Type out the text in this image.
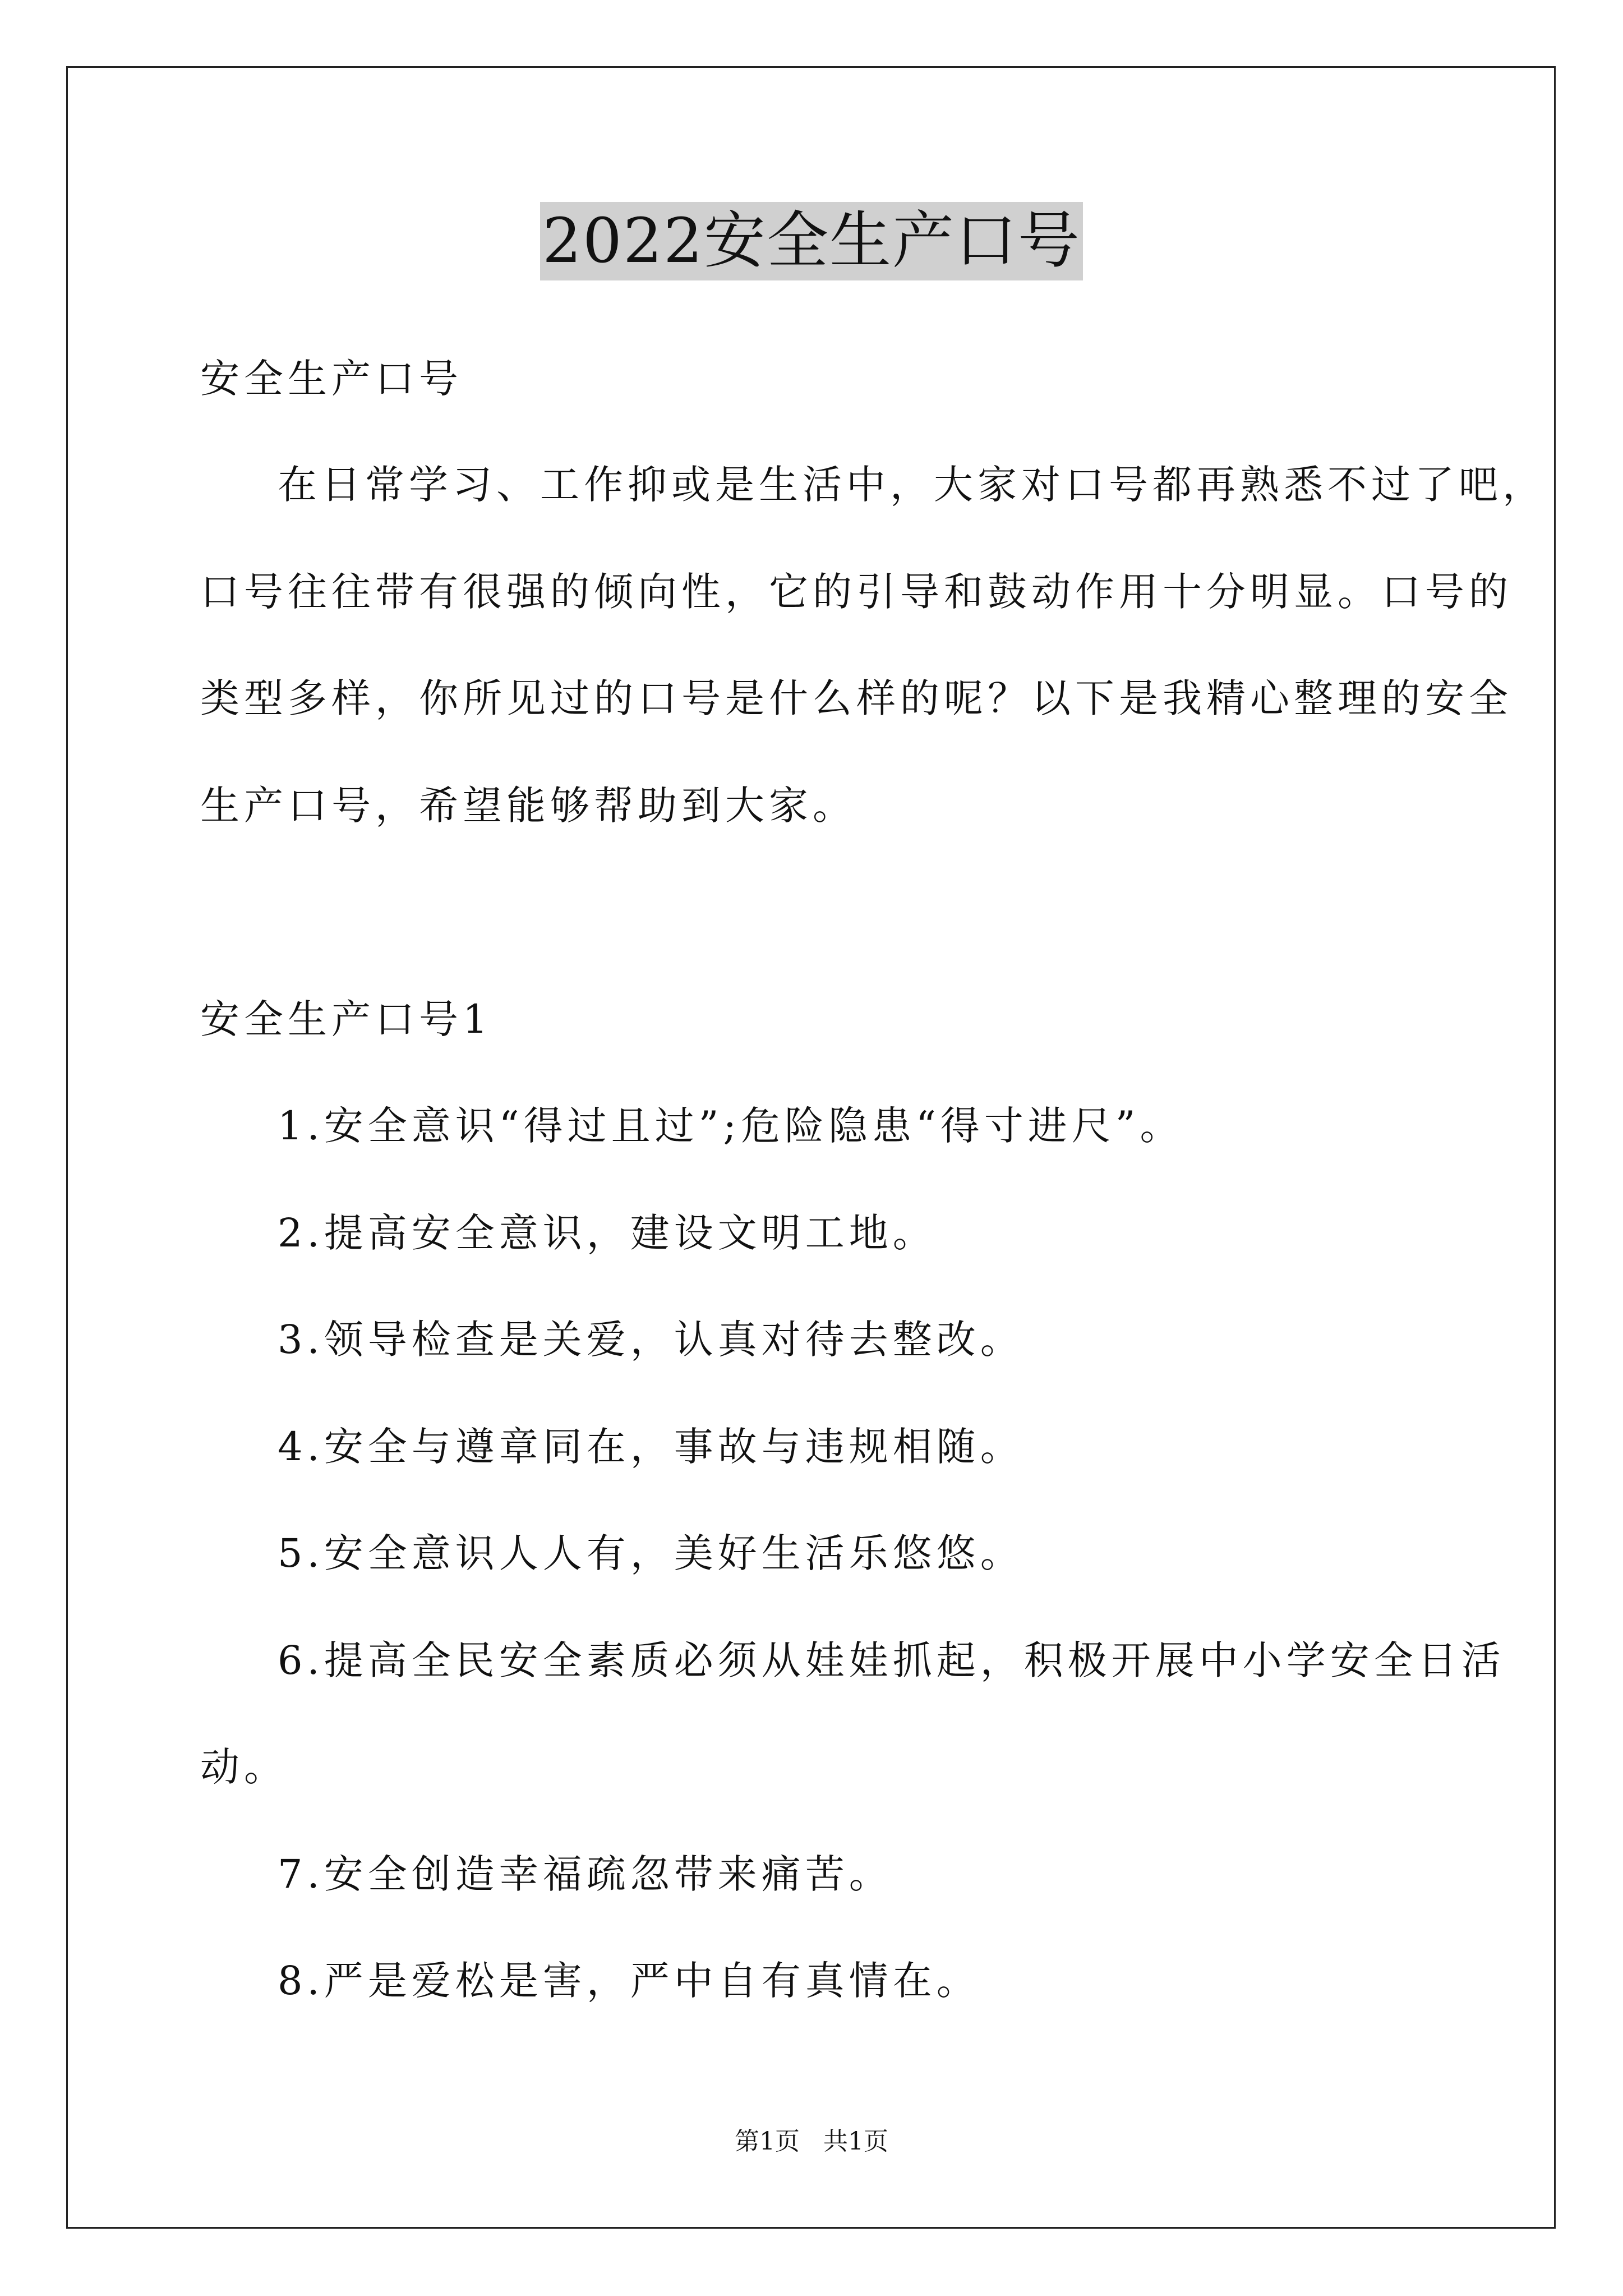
2022安全生产口号
安全生产口号
在日常学习、工作抑或是生活中，大家对口号都再熟悉不过了吧，
口号往往带有很强的倾向性，它的引导和鼓动作用十分明显。口号的
类型多样，你所见过的口号是什么样的呢？以下是我精心整理的安全
生产口号，希望能够帮助到大家。
安全生产口号1
1.安全意识“得过且过”;危险隐患“得寸进尺”。
2.提高安全意识，建设文明工地。
3.领导检查是关爱，认真对待去整改。
4.安全与遵章同在，事故与违规相随。
5.安全意识人人有，美好生活乐悠悠。
6.提高全民安全素质必须从娃娃抓起，积极开展中小学安全日活
动。
7.安全创造幸福疏忽带来痛苦。
8.严是爱松是害，严中自有真情在。
第1页   共1页
